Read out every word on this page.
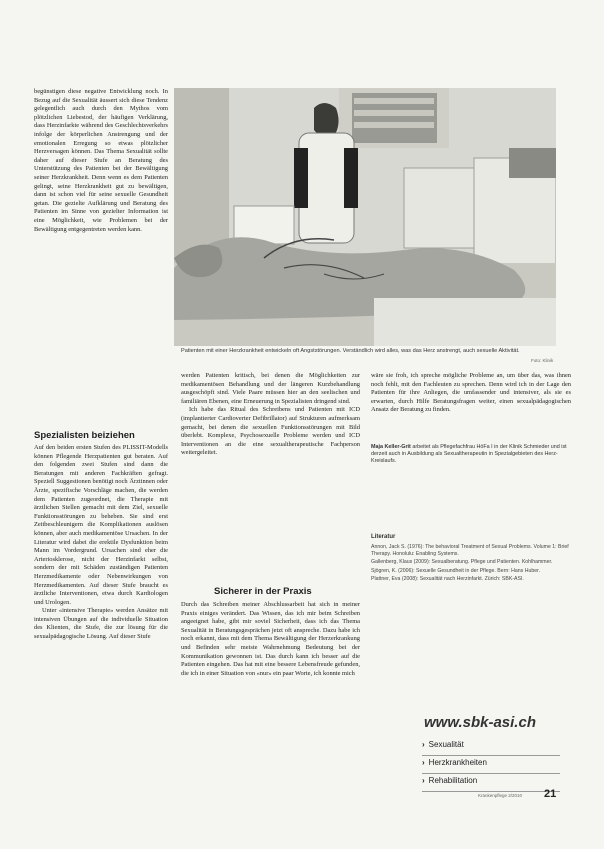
begünstigen diese negative Entwicklung noch. In Bezug auf die Sexualität äussert sich diese Tendenz gelegentlich auch durch den Mythos vom plötzlichen Liebestod, der häufigen Verklärung, dass Herzinfarkte während des Geschlechtsverkehrs infolge der körperlichen Anstrengung und der emotionalen Erregung so etwas plötzlicher Herzversagen können. Das Thema Sexualität sollte daher auf dieser Stufe an Beratung des Unterstützung des Patienten bei der Bewältigung seiner Herzkrankheit. Denn wenn es dem Patienten gelingt, seine Herzkrankheit gut zu bewältigen, dann ist schon viel für seine sexuelle Gesundheit getan. Die gezielte Aufklärung und Beratung des Patienten im Sinne von gezielter Information ist eine Möglichkeit, wie Problemen bei der Bewältigung entgegentreten werden kann.

Patienten mit einer Herzkrankheit entwickeln oft Angststörungen. Verständlich wird alles, was das Herz anstrengt, auch sexuelle Aktivität.
Foto: Klinik

Spezialisten beiziehen

Auf den beiden ersten Stufen des PLISSIT-Modells können Pflegende Herzpatienten gut beraten. Auf den folgenden zwei Stufen sind dann die Beratungen mit anderen Fachkräften gefragt. Speziell Suggestionen benötigt noch Ärztinnen oder Ärzte, spezifische Vorschläge machen, die werden dem Patienten zugeordnet, die Therapie mit ärztlichen Stellen gemacht mit dem Ziel, sexuelle Funktionsstörungen zu beheben. Sie sind erst Zeitbeschleunigern die Komplikationen auslösen können, aber auch medikamentöse Ursachen. In der Literatur wird dabei die erektile Dysfunktion beim Mann im Vordergrund. Ursachen sind eher die Arteriosklerose, nicht der Herzinfarkt selbst, sondern der mit Schäden zuständigen Patienten Herzmedikamente oder Nebenwirkungen von Herzmedikamenten. Auf dieser Stufe braucht es ärztliche Interventionen, etwa durch Kardiologen und Urologen.

Unter «intensive Therapie» werden Ansätze mit intensiven Übungen auf die individuelle Situation des Klienten, die Stufe, die zur lösung für die sexualpädagogische Lösung. Auf dieser Stufe

werden Patienten kritisch, bei denen die Möglichkeiten zur medikamentösen Behandlung und der längeren Kurzbehandlung ausgeschöpft sind. Viele Paare müssen hier an den seelischen und familiären Ebenen, eine Erneuerung in Spezialisten dringend sind.

Ich habe das Ritual des Schreibens und Patienten mit ICD (implantierter Cardioverter Defibrillator) auf Strukturen aufmerksam gemacht, bei denen die sexuellen Funktionsstörungen mit Bild überlebt. Komplexe, Psychosexuelle Probleme werden und ICD Interventionen an die eine sexualtherapeutische Fachperson weitergeleitet.

Sicherer in der Praxis

Durch das Schreiben meiner Abschlussarbeit hat sich in meiner Praxis einiges verändert. Das Wissen, das ich mir beim Schreiben angeeignet habe, gibt mir soviel Sicherheit, dass ich das Thema Sexualität in Beratungsgesprächen jetzt oft anspreche. Dazu habe ich noch erkannt, dass mit dem Thema Bewältigung der Herzerkrankung und Befinden sehr meiste Wahrnehmung Bedeutung bei der Kommunikation gewonnen ist. Das durch kann ich besser auf die Patienten eingehen. Das hat mit eine bessere Lebensfreude gefunden, die ich in einer Situation von «nur» ein paar Worte, ich konnte mich

wäre sie froh, ich spreche mögliche Probleme an, um über das, was ihnen noch fehlt, mit den Fachleuten zu sprechen. Denn wird ich in der Lage den Patienten für ihre Anliegen, die umfassender und intensiver, als sie es erwarten, durch Hilfe Beratungsfragen weiter, einen sexualpädagogischen Ansatz der Beratung zu finden.

Maja Keller-Grit arbeitet als Pflegefachfrau HöFa I in der Klinik Schmieder und ist derzeit auch in Ausbildung als Sexualtherapeutin in Spezialgebieten des Herz-Kreislaufs.
Literatur
Annon, Jack S. (1976): The behavioral Treatment of Sexual Problems. Volume 1: Brief Therapy. Honolulu: Enabling Systems.
Gallenberg, Klaus (2009): Sexualberatung. Pflege und Patienten. Kohlhammer.
Sjögren, K. (2006): Sexuelle Gesundheit in der Pflege. Bern: Hans Huber.
Plattner, Eva (2008): Sexualität nach Herzinfarkt. Zürich: SBK-ASI.
www.sbk-asi.ch
› Sexualität
› Herzkrankheiten
› Rehabilitation
Krankenpflege 2/2010 21
